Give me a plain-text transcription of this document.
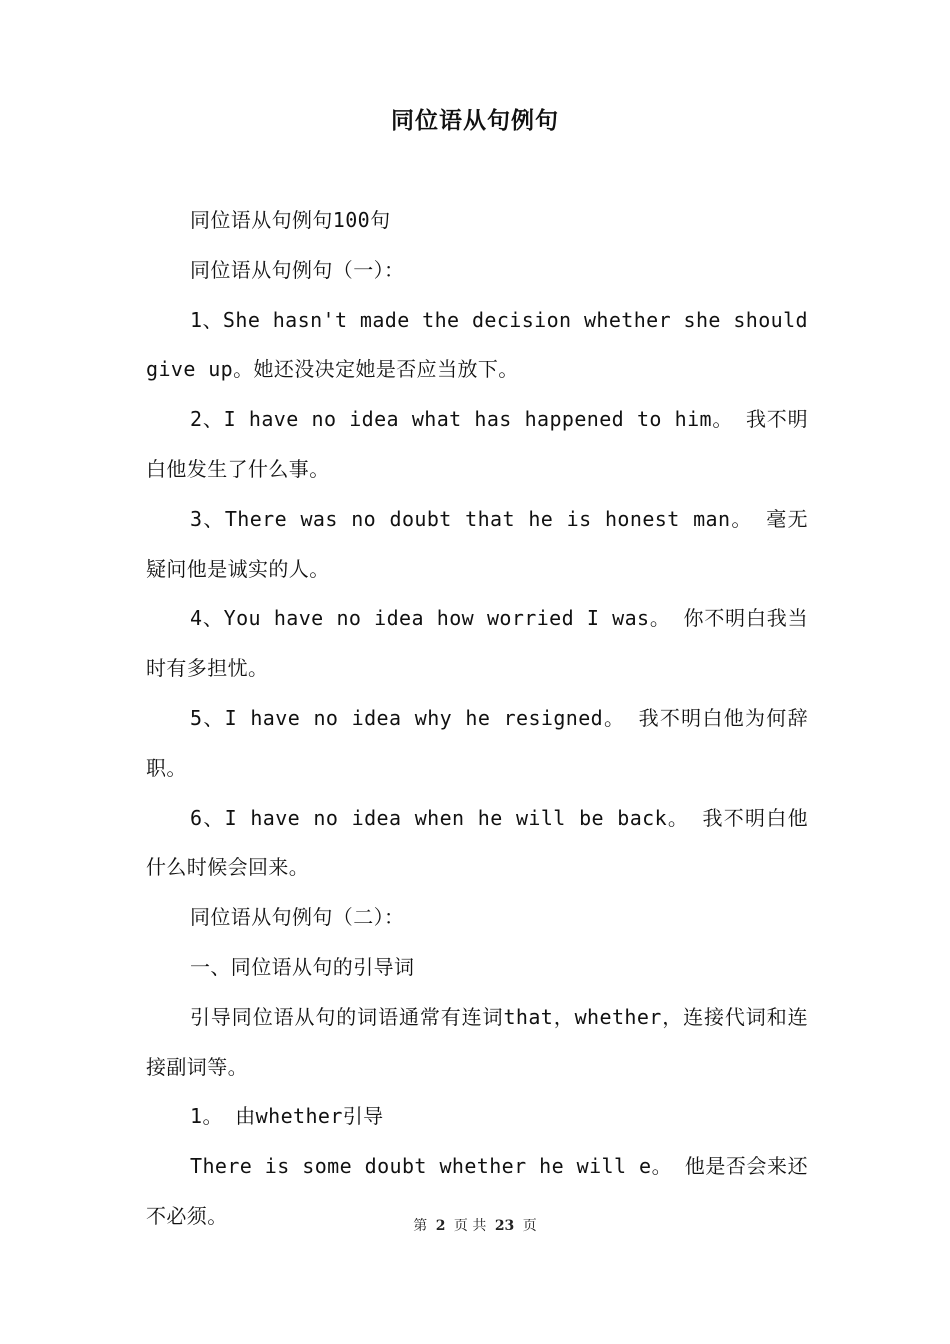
同位语从句例句

同位语从句例句100句

同位语从句例句（一）：

1、She hasn't made the decision whether she should give up。她还没决定她是否应当放下。

2、I have no idea what has happened to him。 我不明白他发生了什么事。

3、There was no doubt that he is honest man。 毫无疑问他是诚实的人。

4、You have no idea how worried I was。 你不明白我当时有多担忧。

5、I have no idea why he resigned。 我不明白他为何辞职。

6、I have no idea when he will be back。 我不明白他什么时候会回来。

同位语从句例句（二）：

一、同位语从句的引导词

引导同位语从句的词语通常有连词that，whether，连接代词和连接副词等。

1。 由whether引导

There is some doubt whether he will e。 他是否会来还不必须。	第 2 页 共 23 页
